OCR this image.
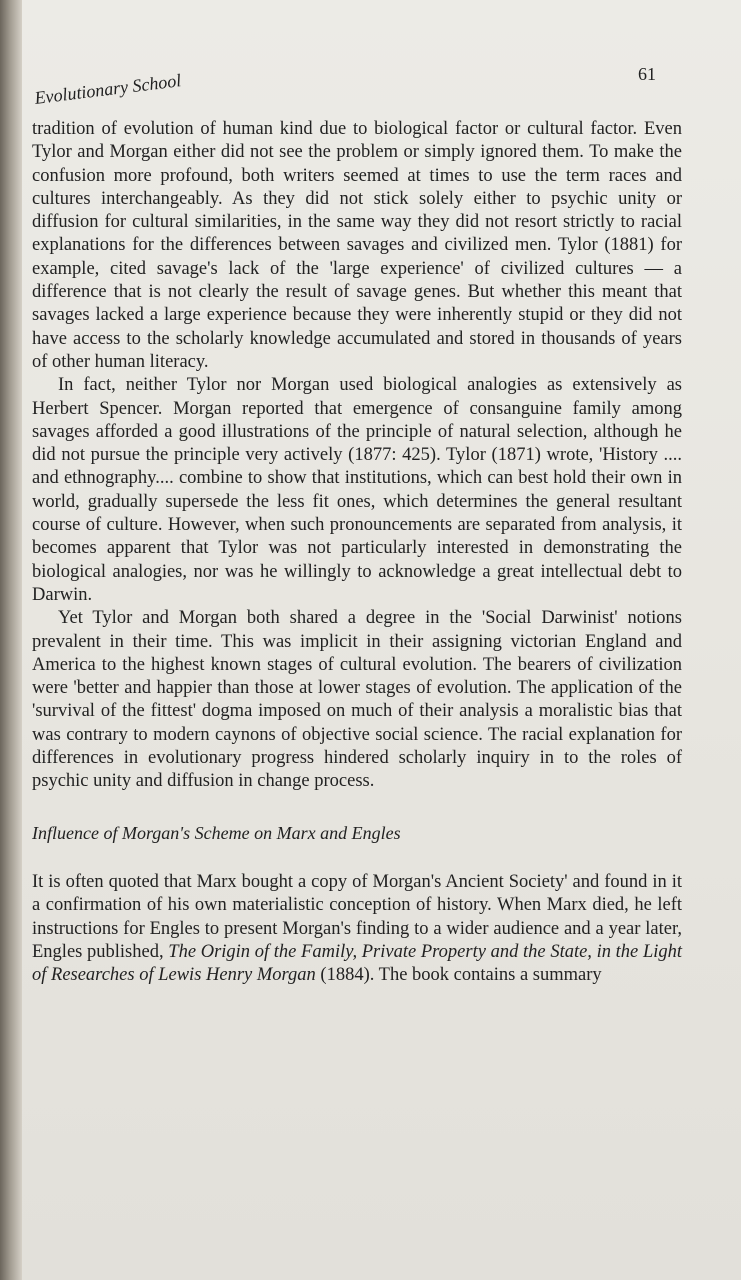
Evolutionary School	61

tradition of evolution of human kind due to biological factor or cultural factor. Even Tylor and Morgan either did not see the problem or simply ignored them. To make the confusion more profound, both writers seemed at times to use the term races and cultures interchangeably. As they did not stick solely either to psychic unity or diffusion for cultural similarities, in the same way they did not resort strictly to racial explanations for the differences between savages and civilized men. Tylor (1881) for example, cited savage's lack of the 'large experience' of civilized cultures — a difference that is not clearly the result of savage genes. But whether this meant that savages lacked a large experience because they were inherently stupid or they did not have access to the scholarly knowledge accumulated and stored in thousands of years of other human literacy.

In fact, neither Tylor nor Morgan used biological analogies as extensively as Herbert Spencer. Morgan reported that emergence of consanguine family among savages afforded a good illustrations of the principle of natural selection, although he did not pursue the principle very actively (1877: 425). Tylor (1871) wrote, 'History .... and ethnography.... combine to show that institutions, which can best hold their own in world, gradually supersede the less fit ones, which determines the general resultant course of culture. However, when such pronouncements are separated from analysis, it becomes apparent that Tylor was not particularly interested in demonstrating the biological analogies, nor was he willingly to acknowledge a great intellectual debt to Darwin.

Yet Tylor and Morgan both shared a degree in the 'Social Darwinist' notions prevalent in their time. This was implicit in their assigning victorian England and America to the highest known stages of cultural evolution. The bearers of civilization were 'better and happier than those at lower stages of evolution. The application of the 'survival of the fittest' dogma imposed on much of their analysis a moralistic bias that was contrary to modern caynons of objective social science. The racial explanation for differences in evolutionary progress hindered scholarly inquiry in to the roles of psychic unity and diffusion in change process.

Influence of Morgan's Scheme on Marx and Engles

It is often quoted that Marx bought a copy of Morgan's Ancient Society' and found in it a confirmation of his own materialistic conception of history. When Marx died, he left instructions for Engles to present Morgan's finding to a wider audience and a year later, Engles published, The Origin of the Family, Private Property and the State, in the Light of Researches of Lewis Henry Morgan (1884). The book contains a summary
